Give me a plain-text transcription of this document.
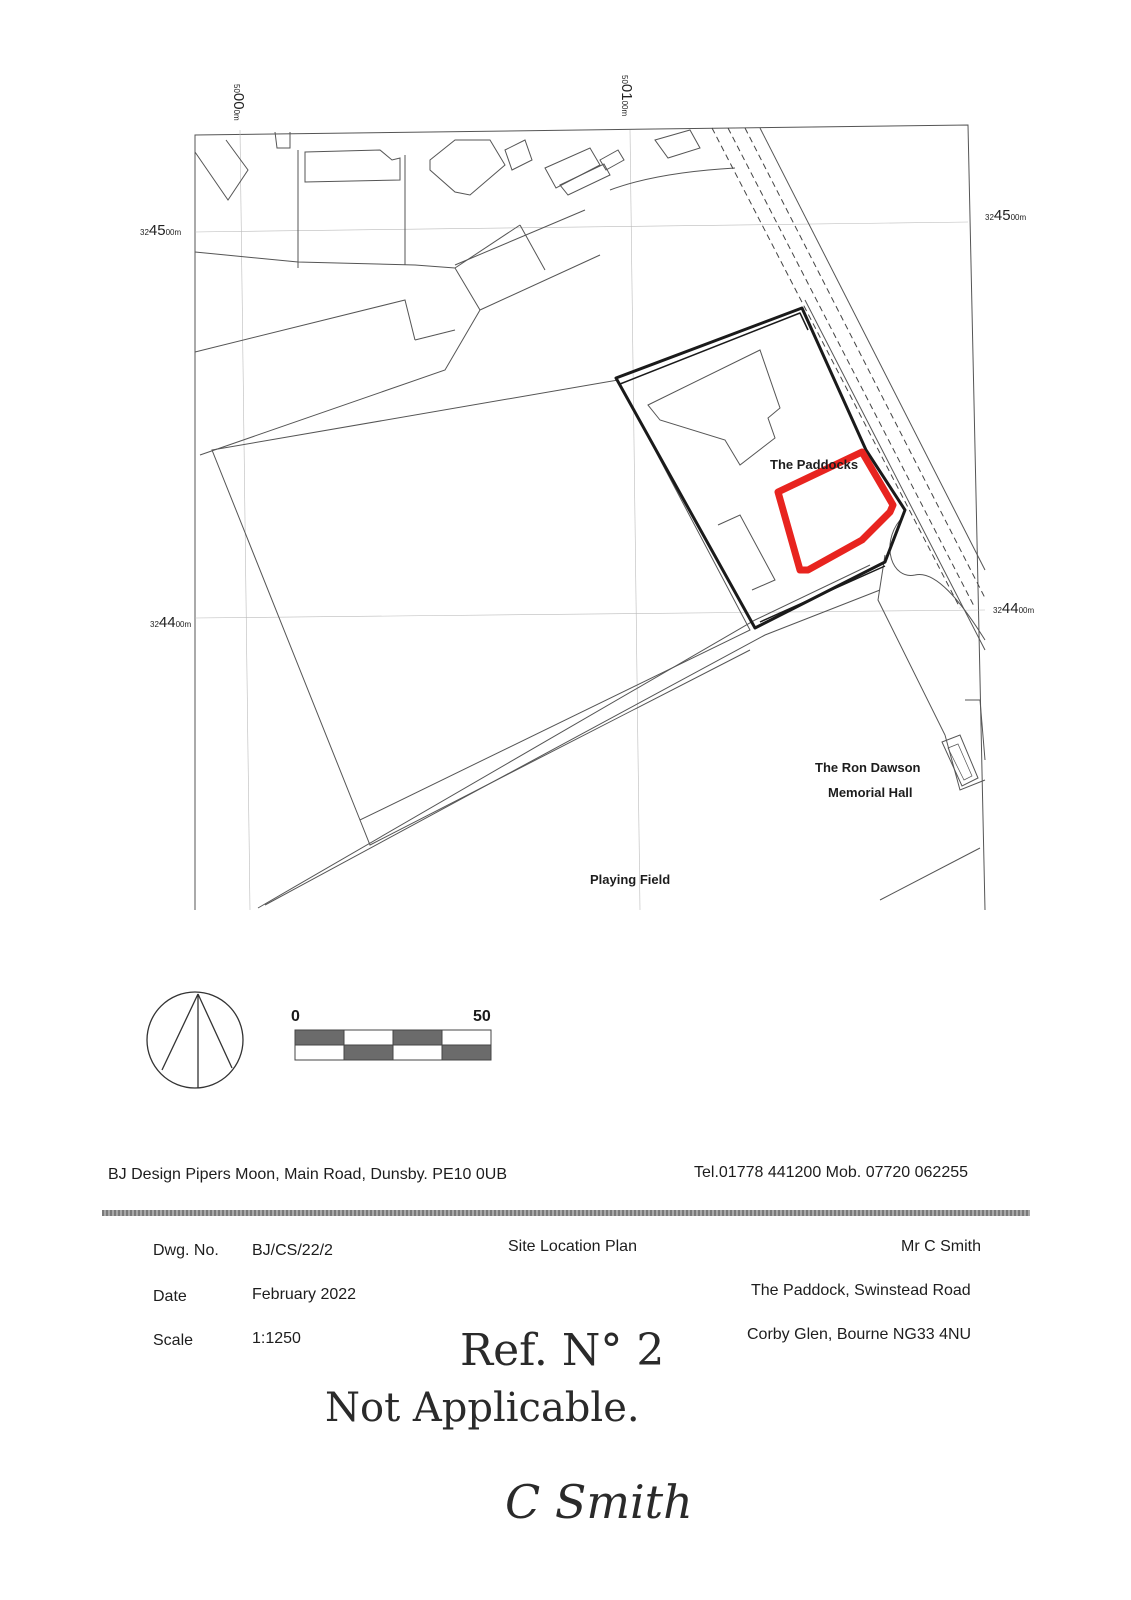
50000m
500100m
324500m
324500m
324400m
324400m
The Paddocks
The Ron Dawson
Memorial Hall
Playing Field
0	50
BJ Design Pipers Moon, Main Road, Dunsby. PE10 0UB	Tel.01778 441200 Mob. 07720 062255
Dwg. No. BJ/CS/22/2	Site Location Plan	Mr C Smith
Date	February 2022	The Paddock, Swinstead Road
Scale	1:1250	Corby Glen, Bourne NG33 4NU
Ref. N° 2
Not Applicable.
C Smith
